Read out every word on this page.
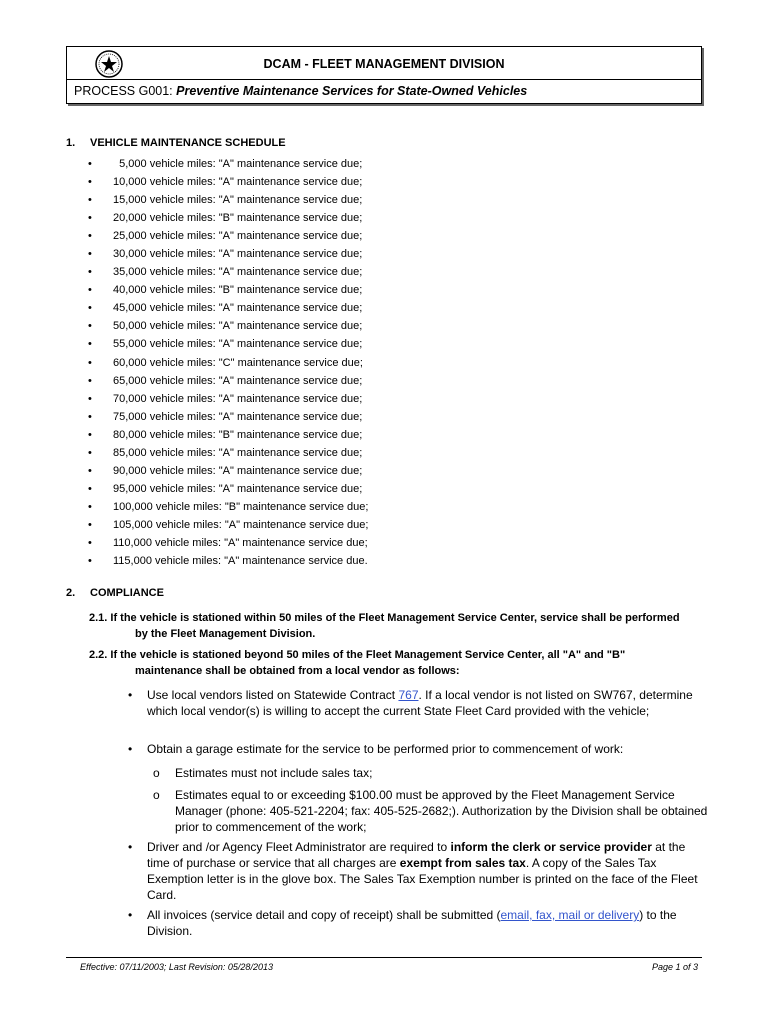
DCAM - FLEET MANAGEMENT DIVISION
PROCESS G001: Preventive Maintenance Services for State-Owned Vehicles
1. VEHICLE MAINTENANCE SCHEDULE
• 5,000 vehicle miles: "A" maintenance service due;
• 10,000 vehicle miles: "A" maintenance service due;
• 15,000 vehicle miles: "A" maintenance service due;
• 20,000 vehicle miles: "B" maintenance service due;
• 25,000 vehicle miles: "A" maintenance service due;
• 30,000 vehicle miles: "A" maintenance service due;
• 35,000 vehicle miles: "A" maintenance service due;
• 40,000 vehicle miles: "B" maintenance service due;
• 45,000 vehicle miles: "A" maintenance service due;
• 50,000 vehicle miles: "A" maintenance service due;
• 55,000 vehicle miles: "A" maintenance service due;
• 60,000 vehicle miles: "C" maintenance service due;
• 65,000 vehicle miles: "A" maintenance service due;
• 70,000 vehicle miles: "A" maintenance service due;
• 75,000 vehicle miles: "A" maintenance service due;
• 80,000 vehicle miles: "B" maintenance service due;
• 85,000 vehicle miles: "A" maintenance service due;
• 90,000 vehicle miles: "A" maintenance service due;
• 95,000 vehicle miles: "A" maintenance service due;
• 100,000 vehicle miles: "B" maintenance service due;
• 105,000 vehicle miles: "A" maintenance service due;
• 110,000 vehicle miles: "A" maintenance service due;
• 115,000 vehicle miles: "A" maintenance service due.
2. COMPLIANCE
2.1. If the vehicle is stationed within 50 miles of the Fleet Management Service Center, service shall be performed
by the Fleet Management Division.
2.2. If the vehicle is stationed beyond 50 miles of the Fleet Management Service Center, all "A" and "B"
maintenance shall be obtained from a local vendor as follows:
• Use local vendors listed on Statewide Contract 767. If a local vendor is not listed on SW767, determine which local vendor(s) is willing to accept the current State Fleet Card provided with the vehicle;
• Obtain a garage estimate for the service to be performed prior to commencement of work:
o Estimates must not include sales tax;
o Estimates equal to or exceeding $100.00 must be approved by the Fleet Management Service Manager (phone: 405-521-2204; fax: 405-525-2682;). Authorization by the Division shall be obtained prior to commencement of the work;
• Driver and /or Agency Fleet Administrator are required to inform the clerk or service provider at the time of purchase or service that all charges are exempt from sales tax. A copy of the Sales Tax Exemption letter is in the glove box. The Sales Tax Exemption number is printed on the face of the Fleet Card.
• All invoices (service detail and copy of receipt) shall be submitted (email, fax, mail or delivery) to the Division.
Effective: 07/11/2003; Last Revision: 05/28/2013	Page 1 of 3
